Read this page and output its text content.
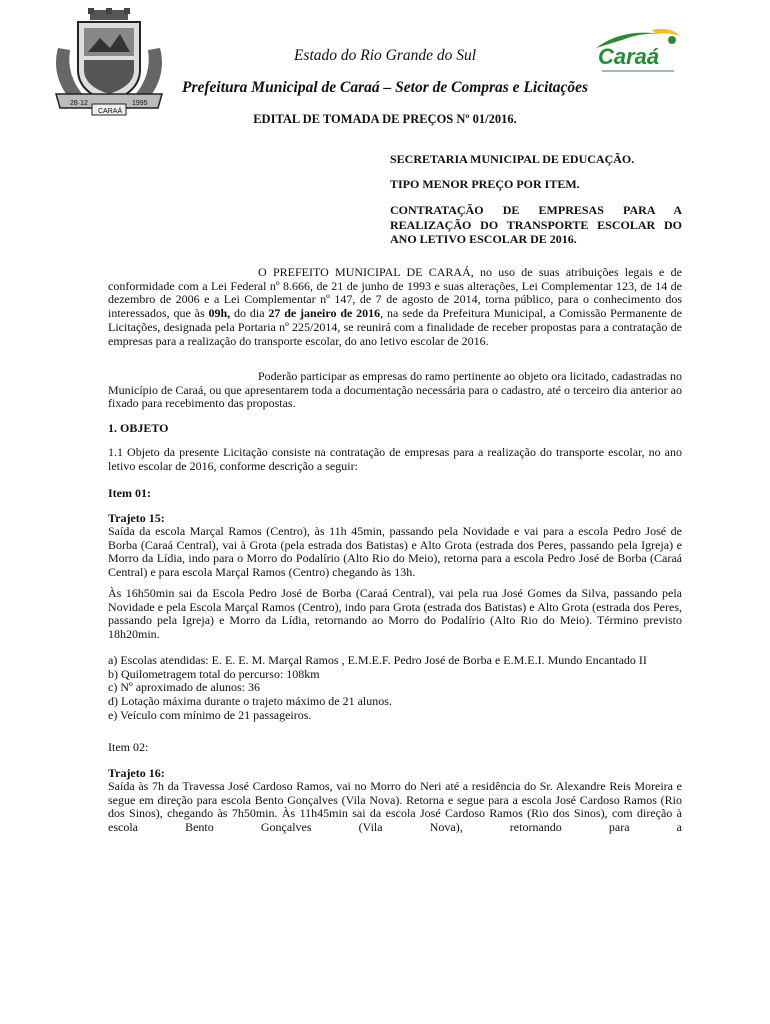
28·12	1995
CARAÁ
Caraá
Estado do Rio Grande do Sul
Prefeitura Municipal de Caraá – Setor de Compras e Licitações
EDITAL DE TOMADA DE PREÇOS Nº 01/2016.
SECRETARIA MUNICIPAL DE EDUCAÇÃO.
TIPO MENOR PREÇO POR ITEM.
CONTRATAÇÃO DE EMPRESAS PARA A REALIZAÇÃO DO TRANSPORTE ESCOLAR DO ANO LETIVO ESCOLAR DE 2016.

O PREFEITO MUNICIPAL DE CARAÁ, no uso de suas atribuições legais e de conformidade com a Lei Federal nº 8.666, de 21 de junho de 1993 e suas alterações, Lei Complementar 123, de 14 de dezembro de 2006 e a Lei Complementar nº 147, de 7 de agosto de 2014, torna público, para o conhecimento dos interessados, que às 09h, do dia 27 de janeiro de 2016, na sede da Prefeitura Municipal, a Comissão Permanente de Licitações, designada pela Portaria nº 225/2014, se reunirá com a finalidade de receber propostas para a contratação de empresas para a realização do transporte escolar, do ano letivo escolar de 2016.

Poderão participar as empresas do ramo pertinente ao objeto ora licitado, cadastradas no Município de Caraá, ou que apresentarem toda a documentação necessária para o cadastro, até o terceiro dia anterior ao fixado para recebimento das propostas.

1. OBJETO

1.1 Objeto da presente Licitação consiste na contratação de empresas para a realização do transporte escolar, no ano letivo escolar de 2016, conforme descrição a seguir:

Item 01:
Trajeto 15:

Saída da escola Marçal Ramos (Centro), às 11h 45min, passando pela Novidade e vai para a escola Pedro José de Borba (Caraá Central), vai à Grota (pela estrada dos Batistas) e Alto Grota (estrada dos Peres, passando pela Igreja) e Morro da Lídia, indo para o Morro do Podalírio (Alto Rio do Meio), retorna para a escola Pedro José de Borba (Caraá Central) e para escola Marçal Ramos (Centro) chegando às 13h.

Às 16h50min sai da Escola Pedro José de Borba (Caraá Central), vai pela rua José Gomes da Silva, passando pela Novidade e pela Escola Marçal Ramos (Centro), indo para Grota (estrada dos Batistas) e Alto Grota (estrada dos Peres, passando pela Igreja) e Morro da Lídia, retornando ao Morro do Podalírio (Alto Rio do Meio). Término previsto 18h20min.

a) Escolas atendidas: E. E. E. M. Marçal Ramos , E.M.E.F. Pedro José de Borba e E.M.E.I. Mundo Encantado II

b) Quilometragem total do percurso: 108km

c) Nº aproximado de alunos: 36

d) Lotação máxima durante o trajeto máximo de 21 alunos.

e) Veículo com mínimo de 21 passageiros.

Item 02:
Trajeto 16:

Saída às 7h da Travessa José Cardoso Ramos, vai no Morro do Neri até a residência do Sr. Alexandre Reis Moreira e segue em direção para escola Bento Gonçalves (Vila Nova). Retorna e segue para a escola José Cardoso Ramos (Rio dos Sinos), chegando às 7h50min. Às 11h45min sai da escola José Cardoso Ramos (Rio dos Sinos), com direção à escola Bento Gonçalves (Vila Nova), retornando para a
